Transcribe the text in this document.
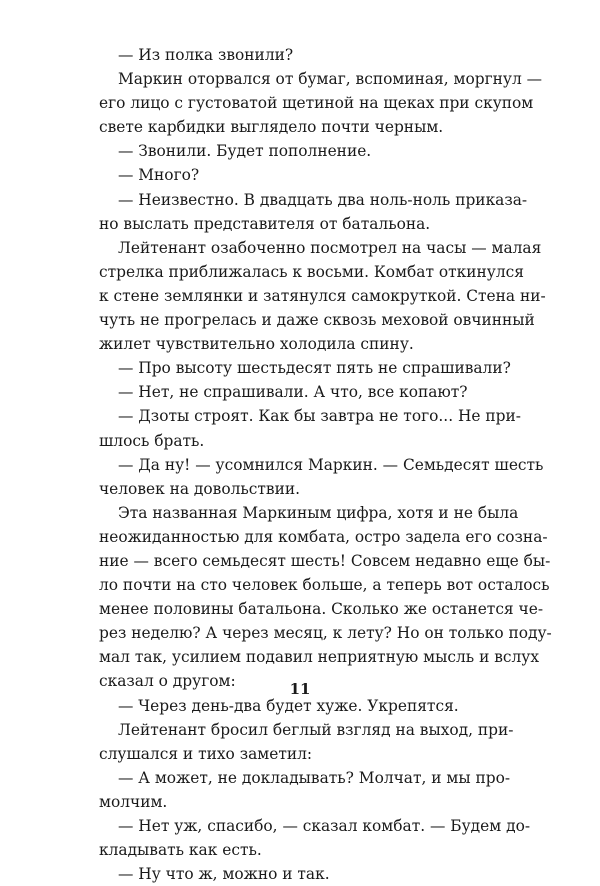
— Из полка звонили?
Маркин оторвался от бумаг, вспоминая, моргнул —
его лицо с густоватой щетиной на щеках при скупом
свете карбидки выглядело почти черным.
— Звонили. Будет пополнение.
— Много?
— Неизвестно. В двадцать два ноль-ноль приказа-
но выслать представителя от батальона.
Лейтенант озабоченно посмотрел на часы — малая
стрелка приближалась к восьми. Комбат откинулся
к стене землянки и затянулся самокруткой. Стена ни-
чуть не прогрелась и даже сквозь меховой овчинный
жилет чувствительно холодила спину.
— Про высоту шестьдесят пять не спрашивали?
— Нет, не спрашивали. А что, все копают?
— Дзоты строят. Как бы завтра не того... Не при-
шлось брать.
— Да ну! — усомнился Маркин. — Семьдесят шесть
человек на довольствии.
Эта названная Маркиным цифра, хотя и не была
неожиданностью для комбата, остро задела его созна-
ние — всего семьдесят шесть! Совсем недавно еще бы-
ло почти на сто человек больше, а теперь вот осталось
менее половины батальона. Сколько же останется че-
рез неделю? А через месяц, к лету? Но он только поду-
мал так, усилием подавил неприятную мысль и вслух
сказал о другом:
— Через день-два будет хуже. Укрепятся.
Лейтенант бросил беглый взгляд на выход, при-
слушался и тихо заметил:
— А может, не докладывать? Молчат, и мы про-
молчим.
— Нет уж, спасибо, — сказал комбат. — Будем до-
кладывать как есть.
— Ну что ж, можно и так.
11
